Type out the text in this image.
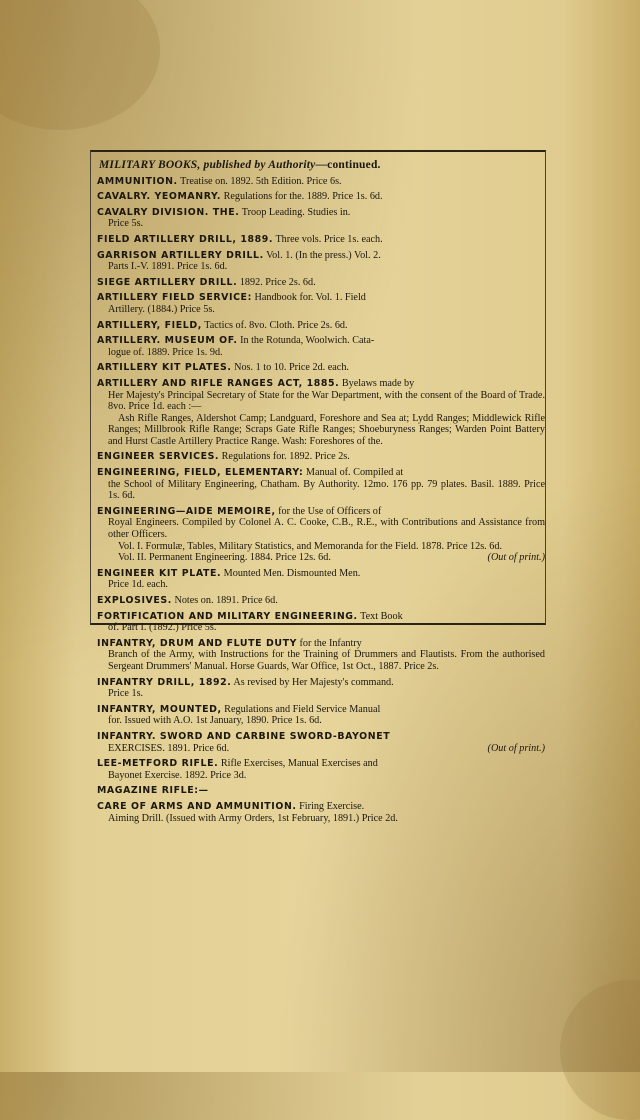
MILITARY BOOKS, published by Authority—continued.
AMMUNITION. Treatise on. 1892. 5th Edition. Price 6s.
CAVALRY. YEOMANRY. Regulations for the. 1889. Price 1s. 6d.
CAVALRY DIVISION. THE. Troop Leading. Studies in.
Price 5s.
FIELD ARTILLERY DRILL, 1889. Three vols. Price 1s. each.
GARRISON ARTILLERY DRILL. Vol. 1. (In the press.) Vol. 2.
Parts I.-V. 1891. Price 1s. 6d.
SIEGE ARTILLERY DRILL. 1892. Price 2s. 6d.
ARTILLERY FIELD SERVICE: Handbook for. Vol. 1. Field
Artillery. (1884.) Price 5s.
ARTILLERY, FIELD, Tactics of. 8vo. Cloth. Price 2s. 6d.
ARTILLERY. MUSEUM OF. In the Rotunda, Woolwich. Cata-
logue of. 1889. Price 1s. 9d.
ARTILLERY KIT PLATES. Nos. 1 to 10. Price 2d. each.
ARTILLERY AND RIFLE RANGES ACT, 1885. Byelaws made by
Her Majesty's Principal Secretary of State for the War Department, with the consent of the Board of Trade. 8vo. Price 1d. each :—
Ash Rifle Ranges, Aldershot Camp; Landguard, Foreshore and Sea at; Lydd Ranges; Middlewick Rifle Ranges; Millbrook Rifle Range; Scraps Gate Rifle Ranges; Shoeburyness Ranges; Warden Point Battery and Hurst Castle Artillery Practice Range. Wash: Foreshores of the.
ENGINEER SERVICES. Regulations for. 1892. Price 2s.
ENGINEERING, FIELD, ELEMENTARY: Manual of. Compiled at
the School of Military Engineering, Chatham. By Authority. 12mo. 176 pp. 79 plates. Basil. 1889. Price 1s. 6d.
ENGINEERING—AIDE MEMOIRE, for the Use of Officers of
Royal Engineers. Compiled by Colonel A. C. Cooke, C.B., R.E., with Contributions and Assistance from other Officers.
Vol. I. Formulæ, Tables, Military Statistics, and Memoranda for the Field. 1878. Price 12s. 6d.
(Out of print.)
Vol. II. Permanent Engineering. 1884. Price 12s. 6d.
ENGINEER KIT PLATE. Mounted Men. Dismounted Men.
Price 1d. each.
EXPLOSIVES. Notes on. 1891. Price 6d.
FORTIFICATION AND MILITARY ENGINEERING. Text Book
of. Part I. (1892.) Price 5s.
INFANTRY, DRUM AND FLUTE DUTY for the Infantry
Branch of the Army, with Instructions for the Training of Drummers and Flautists. From the authorised Sergeant Drummers' Manual. Horse Guards, War Office, 1st Oct., 1887. Price 2s.
INFANTRY DRILL, 1892. As revised by Her Majesty's command.
Price 1s.
INFANTRY, MOUNTED, Regulations and Field Service Manual
for. Issued with A.O. 1st January, 1890. Price 1s. 6d.
INFANTRY. SWORD AND CARBINE SWORD-BAYONET
EXERCISES. 1891. Price 6d.	(Out of print.)
LEE-METFORD RIFLE. Rifle Exercises, Manual Exercises and
Bayonet Exercise. 1892. Price 3d.
MAGAZINE RIFLE:—
CARE OF ARMS AND AMMUNITION. Firing Exercise.
Aiming Drill. (Issued with Army Orders, 1st February, 1891.) Price 2d.
